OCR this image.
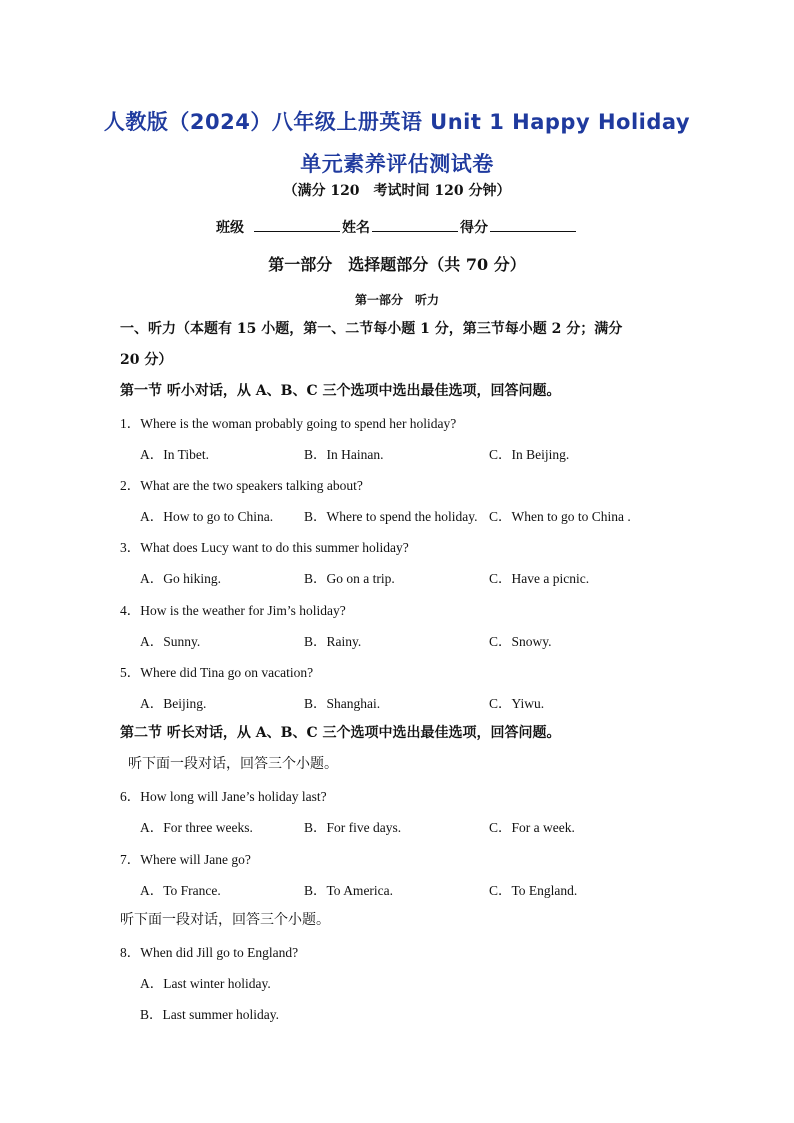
人教版（2024）八年级上册英语 Unit 1 Happy Holiday
单元素养评估测试卷
（满分 120　考试时间 120 分钟）
班级	姓名	得分
第一部分　选择题部分（共 70 分）
第一部分　听力
一、听力（本题有 15 小题，第一、二节每小题 1 分，第三节每小题 2 分；满分
20 分）
第一节 听小对话，从 A、B、C 三个选项中选出最佳选项，回答问题。
1．Where is the woman probably going to spend her holiday?
A．In Tibet.	B．In Hainan.	C．In Beijing.
2．What are the two speakers talking about?
A．How to go to China. B．Where to spend the holiday. C．When to go to China .
3．What does Lucy want to do this summer holiday?
A．Go hiking.	B．Go on a trip.	C．Have a picnic.
4．How is the weather for Jim’s holiday?
A．Sunny.	B．Rainy.	C．Snowy.
5．Where did Tina go on vacation?
A．Beijing.	B．Shanghai.	C．Yiwu.
第二节 听长对话，从 A、B、C 三个选项中选出最佳选项，回答问题。
听下面一段对话，回答三个小题。
6．How long will Jane’s holiday last?
A．For three weeks.	B．For five days.	C．For a week.
7．Where will Jane go?
A．To France.	B．To America.	C．To England.
听下面一段对话，回答三个小题。
8．When did Jill go to England?
A．Last winter holiday.
B．Last summer holiday.
